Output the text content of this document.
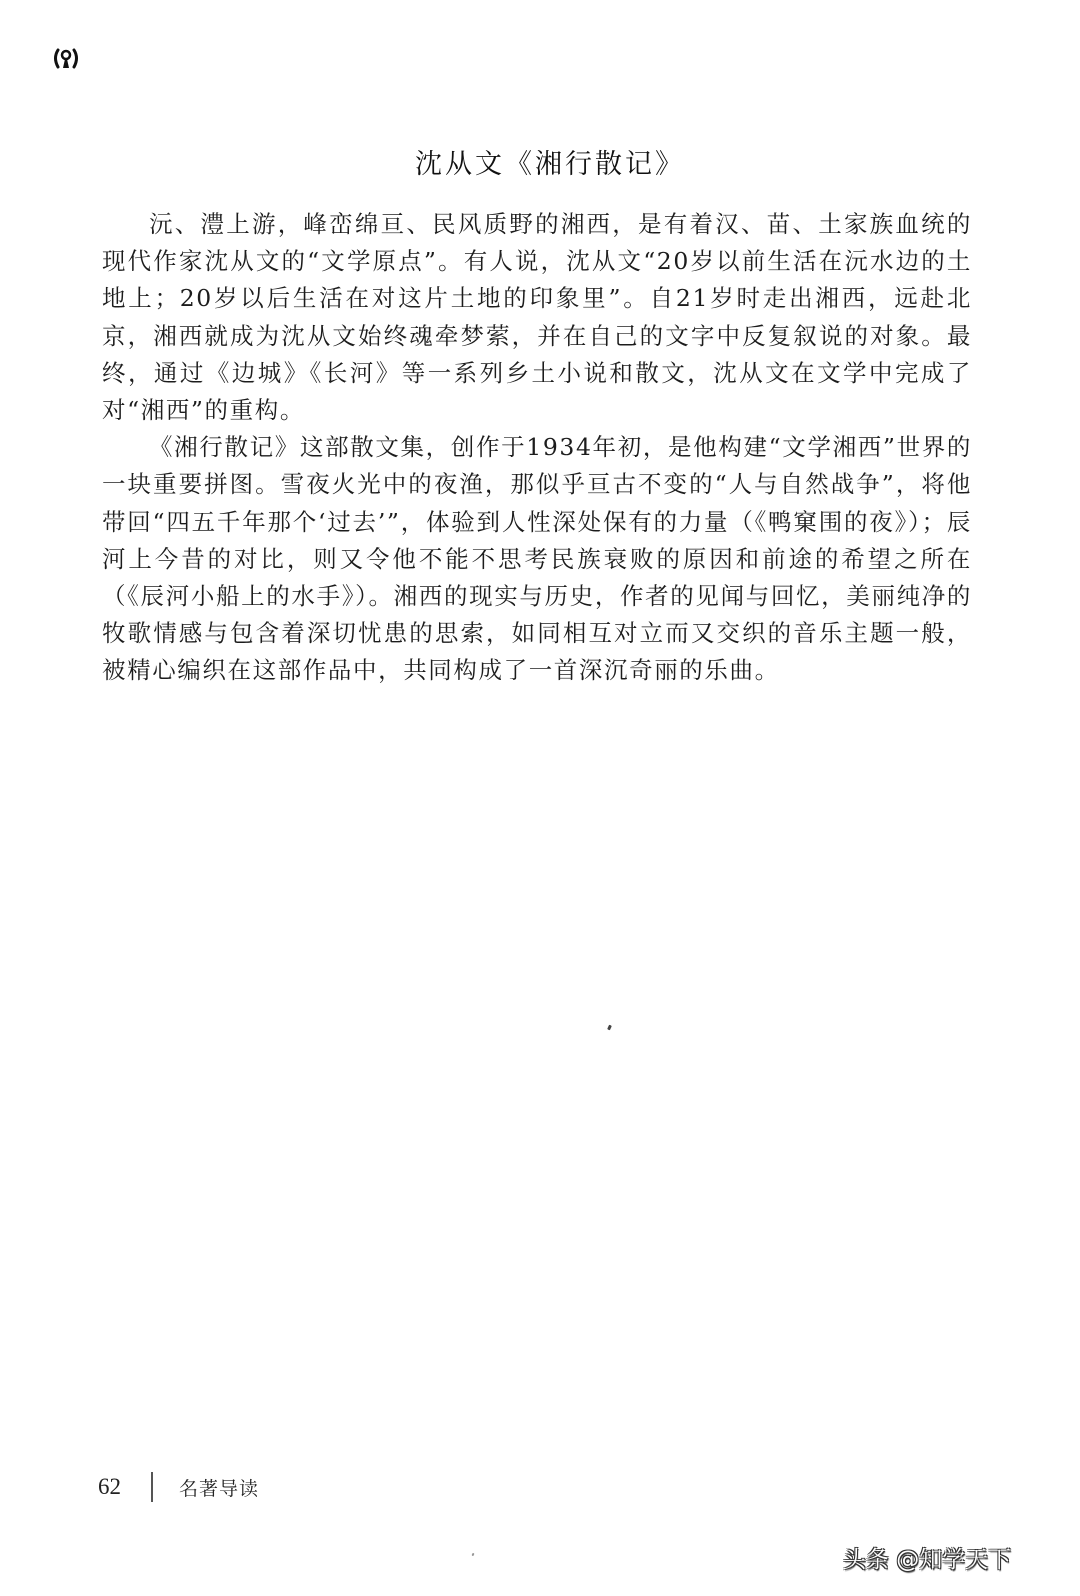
沈从文《湘行散记》

沅、澧上游，峰峦绵亘、民风质野的湘西，是有着汉、苗、土家族血统的现代作家沈从文的“文学原点”。有人说，沈从文“20岁以前生活在沅水边的土地上；20岁以后生活在对这片土地的印象里”。自21岁时走出湘西，远赴北京，湘西就成为沈从文始终魂牵梦萦，并在自己的文字中反复叙说的对象。最终，通过《边城》《长河》等一系列乡土小说和散文，沈从文在文学中完成了对“湘西”的重构。

《湘行散记》这部散文集，创作于1934年初，是他构建“文学湘西”世界的一块重要拼图。雪夜火光中的夜渔，那似乎亘古不变的“人与自然战争”，将他带回“四五千年那个‘过去’”，体验到人性深处保有的力量（《鸭窠围的夜》）；辰河上今昔的对比，则又令他不能不思考民族衰败的原因和前途的希望之所在（《辰河小船上的水手》）。湘西的现实与历史，作者的见闻与回忆，美丽纯净的牧歌情感与包含着深切忧患的思索，如同相互对立而又交织的音乐主题一般，被精心编织在这部作品中，共同构成了一首深沉奇丽的乐曲。

62	名著导读
头条 @知学天下
